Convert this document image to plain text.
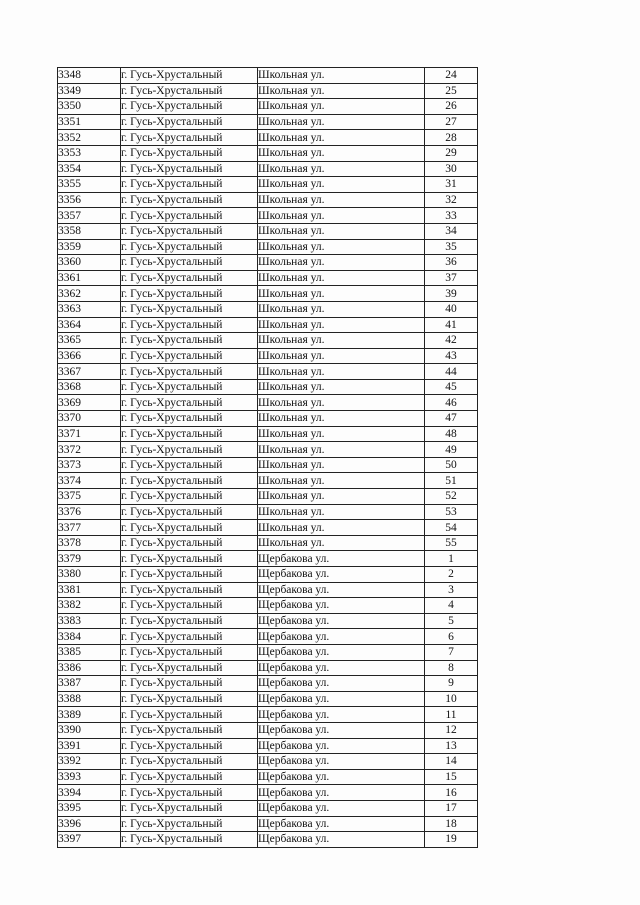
3348	г. Гусь-Хрустальный	Школьная ул.	24
3349	г. Гусь-Хрустальный	Школьная ул.	25
3350	г. Гусь-Хрустальный	Школьная ул.	26
3351	г. Гусь-Хрустальный	Школьная ул.	27
3352	г. Гусь-Хрустальный	Школьная ул.	28
3353	г. Гусь-Хрустальный	Школьная ул.	29
3354	г. Гусь-Хрустальный	Школьная ул.	30
3355	г. Гусь-Хрустальный	Школьная ул.	31
3356	г. Гусь-Хрустальный	Школьная ул.	32
3357	г. Гусь-Хрустальный	Школьная ул.	33
3358	г. Гусь-Хрустальный	Школьная ул.	34
3359	г. Гусь-Хрустальный	Школьная ул.	35
3360	г. Гусь-Хрустальный	Школьная ул.	36
3361	г. Гусь-Хрустальный	Школьная ул.	37
3362	г. Гусь-Хрустальный	Школьная ул.	39
3363	г. Гусь-Хрустальный	Школьная ул.	40
3364	г. Гусь-Хрустальный	Школьная ул.	41
3365	г. Гусь-Хрустальный	Школьная ул.	42
3366	г. Гусь-Хрустальный	Школьная ул.	43
3367	г. Гусь-Хрустальный	Школьная ул.	44
3368	г. Гусь-Хрустальный	Школьная ул.	45
3369	г. Гусь-Хрустальный	Школьная ул.	46
3370	г. Гусь-Хрустальный	Школьная ул.	47
3371	г. Гусь-Хрустальный	Школьная ул.	48
3372	г. Гусь-Хрустальный	Школьная ул.	49
3373	г. Гусь-Хрустальный	Школьная ул.	50
3374	г. Гусь-Хрустальный	Школьная ул.	51
3375	г. Гусь-Хрустальный	Школьная ул.	52
3376	г. Гусь-Хрустальный	Школьная ул.	53
3377	г. Гусь-Хрустальный	Школьная ул.	54
3378	г. Гусь-Хрустальный	Школьная ул.	55
3379	г. Гусь-Хрустальный	Щербакова ул.	1
3380	г. Гусь-Хрустальный	Щербакова ул.	2
3381	г. Гусь-Хрустальный	Щербакова ул.	3
3382	г. Гусь-Хрустальный	Щербакова ул.	4
3383	г. Гусь-Хрустальный	Щербакова ул.	5
3384	г. Гусь-Хрустальный	Щербакова ул.	6
3385	г. Гусь-Хрустальный	Щербакова ул.	7
3386	г. Гусь-Хрустальный	Щербакова ул.	8
3387	г. Гусь-Хрустальный	Щербакова ул.	9
3388	г. Гусь-Хрустальный	Щербакова ул.	10
3389	г. Гусь-Хрустальный	Щербакова ул.	11
3390	г. Гусь-Хрустальный	Щербакова ул.	12
3391	г. Гусь-Хрустальный	Щербакова ул.	13
3392	г. Гусь-Хрустальный	Щербакова ул.	14
3393	г. Гусь-Хрустальный	Щербакова ул.	15
3394	г. Гусь-Хрустальный	Щербакова ул.	16
3395	г. Гусь-Хрустальный	Щербакова ул.	17
3396	г. Гусь-Хрустальный	Щербакова ул.	18
3397	г. Гусь-Хрустальный	Щербакова ул.	19
